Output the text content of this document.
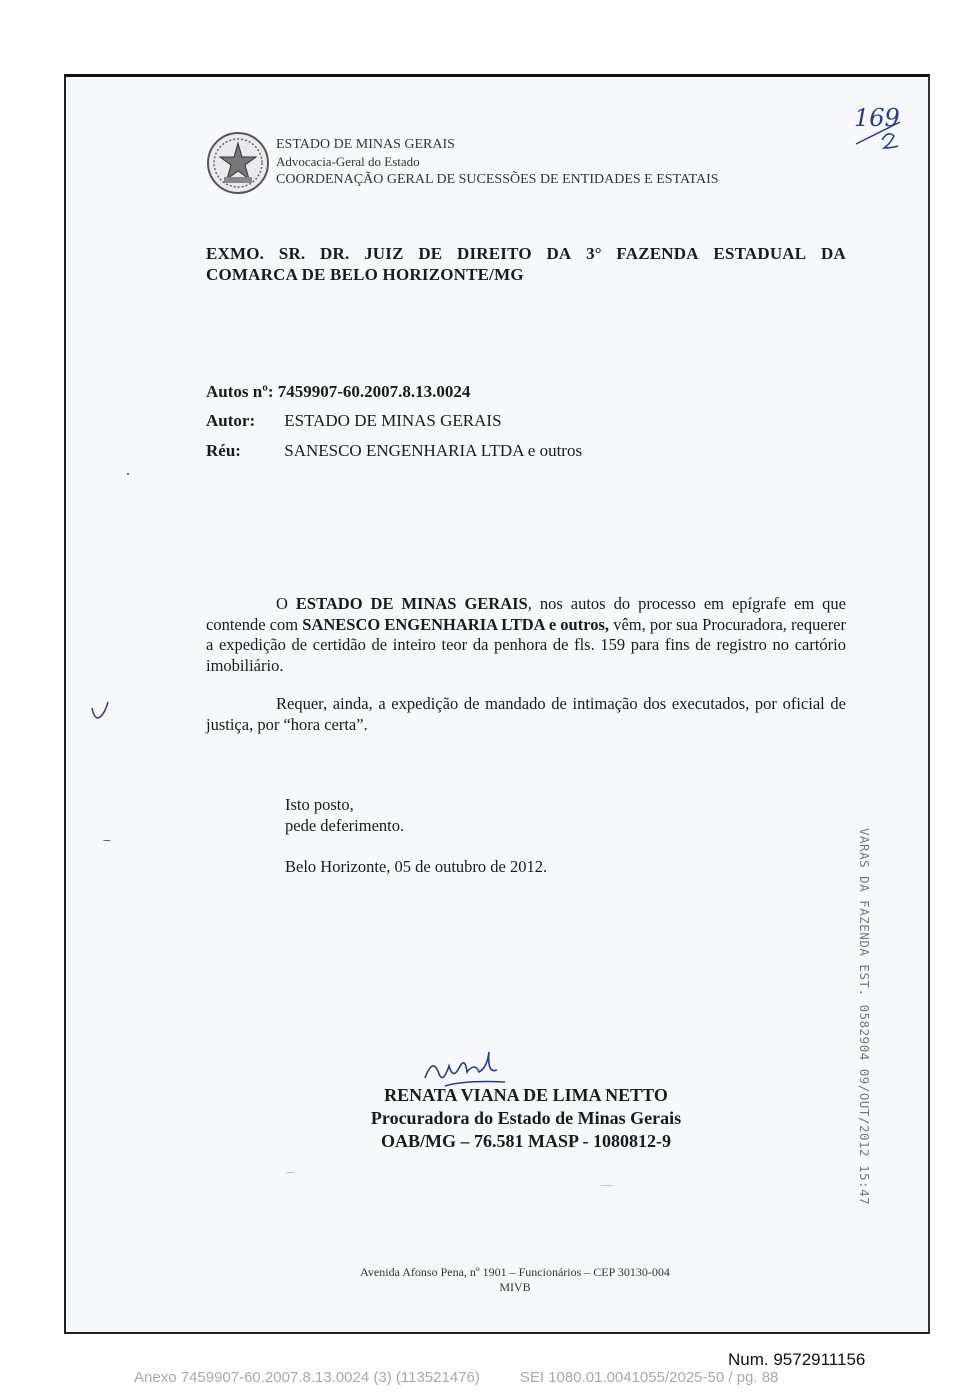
ESTADO DE MINAS GERAIS
Advocacia-Geral do Estado
COORDENAÇÃO GERAL DE SUCESSÕES DE ENTIDADES E ESTATAIS
169
EXMO. SR. DR. JUIZ DE DIREITO DA 3° FAZENDA ESTADUAL DA
COMARCA DE BELO HORIZONTE/MG
Autos nº: 7459907-60.2007.8.13.0024
Autor: ESTADO DE MINAS GERAIS
Réu:	SANESCO ENGENHARIA LTDA e outros

O ESTADO DE MINAS GERAIS, nos autos do processo em epígrafe em que contende com SANESCO ENGENHARIA LTDA e outros, vêm, por sua Procuradora, requerer a expedição de certidão de inteiro teor da penhora de fls. 159 para fins de registro no cartório imobiliário.

Requer, ainda, a expedição de mandado de intimação dos executados, por oficial de justiça, por “hora certa”.

Isto posto,
pede deferimento.
Belo Horizonte, 05 de outubro de 2012.
RENATA VIANA DE LIMA NETTO
Procuradora do Estado de Minas Gerais
OAB/MG – 76.581 MASP - 1080812-9	VARAS DA FAZENDA EST. 0582904 09/OUT/2012 15:47
Avenida Afonso Pena, nº 1901 – Funcionários – CEP 30130-004
MIVB
Num. 9572911156
Anexo 7459907-60.2007.8.13.0024 (3) (113521476)	SEI 1080.01.0041055/2025-50 / pg. 88
